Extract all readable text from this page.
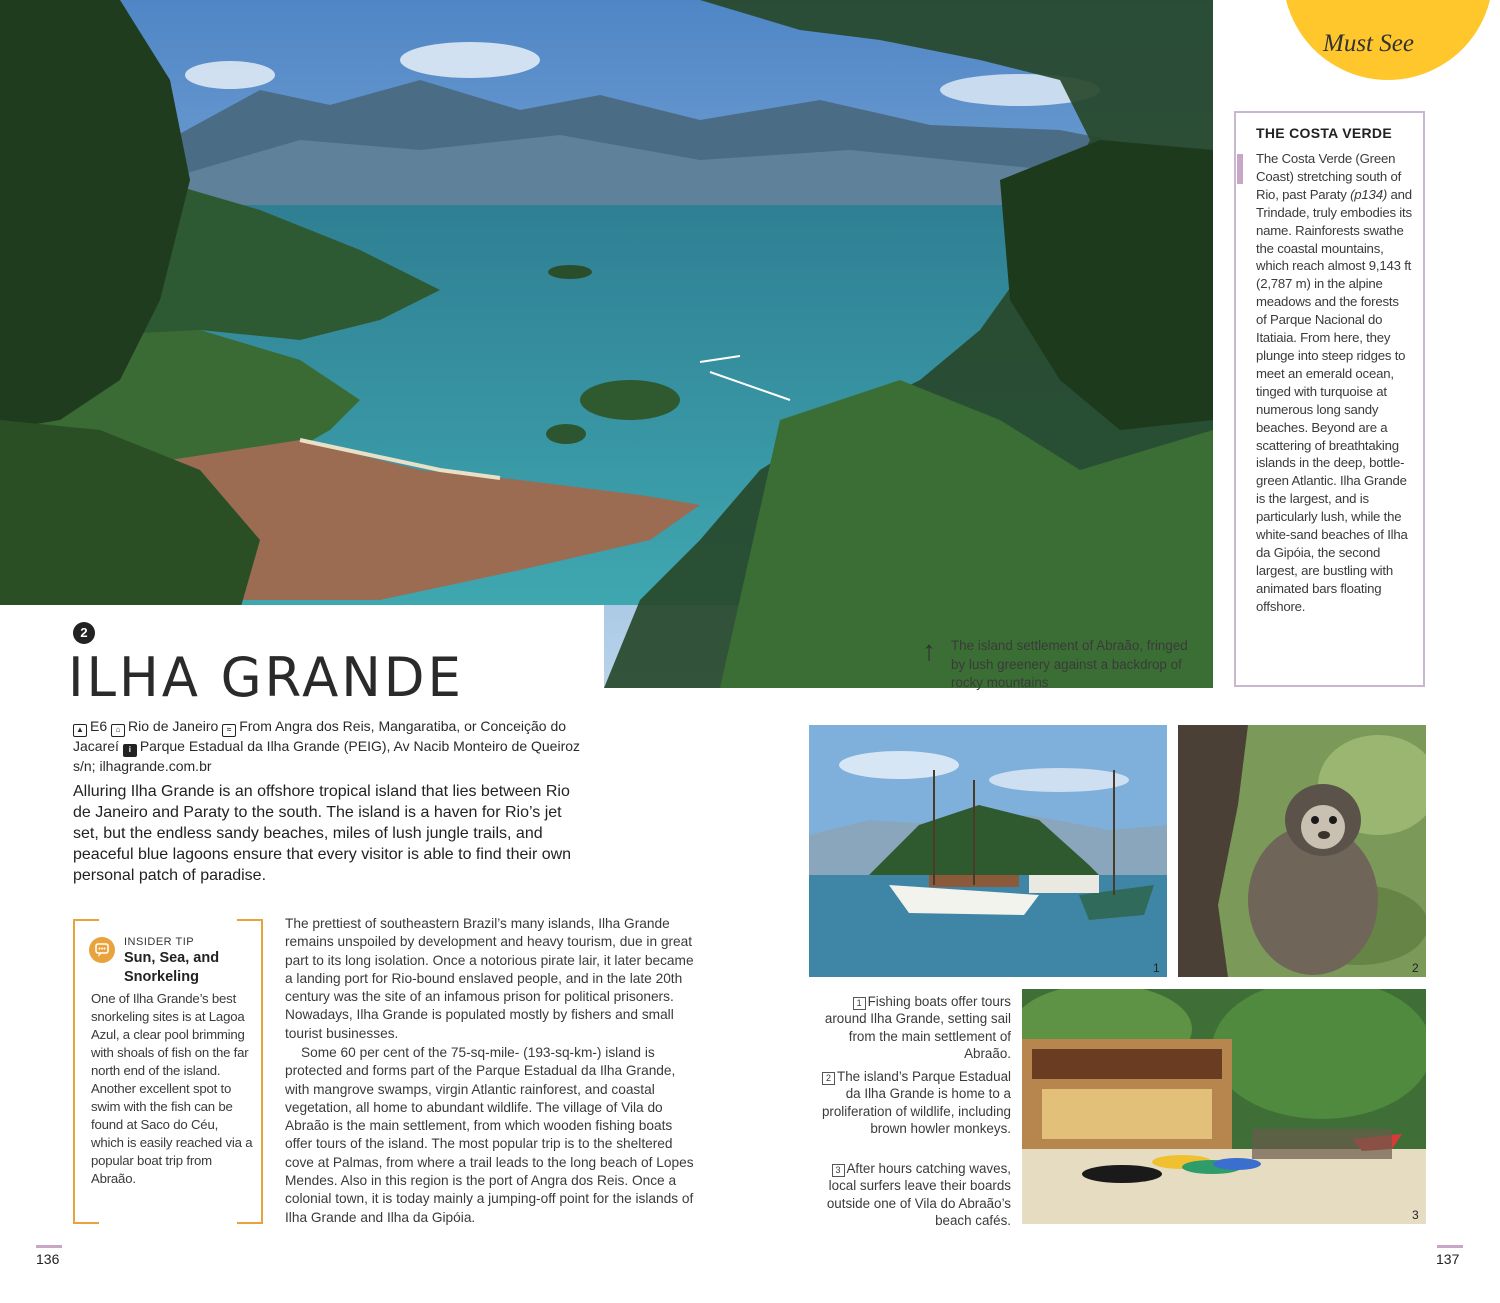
Must See
THE COSTA VERDE
The Costa Verde (Green Coast) stretching south of Rio, past Paraty (p134) and Trindade, truly embodies its name. Rainforests swathe the coastal mountains, which reach almost 9,143 ft (2,787 m) in the alpine meadows and the forests of Parque Nacional do Itatiaia. From here, they plunge into steep ridges to meet an emerald ocean, tinged with turquoise at numerous long sandy beaches. Beyond are a scattering of breathtaking islands in the deep, bottle-green Atlantic. Ilha Grande is the largest, and is particularly lush, while the white-sand beaches of Ilha da Gipóia, the second largest, are bustling with animated bars floating offshore.
↑ The island settlement of Abraão, fringed by lush greenery against a backdrop of rocky mountains
2
ILHA GRANDE
▲ E6 ⌂ Rio de Janeiro ≈ From Angra dos Reis, Mangaratiba, or Conceição do Jacareí i Parque Estadual da Ilha Grande (PEIG), Av Nacib Monteiro de Queiroz s/n; ilhagrande.com.br
Alluring Ilha Grande is an offshore tropical island that lies between Rio de Janeiro and Paraty to the south. The island is a haven for Rio’s jet set, but the endless sandy beaches, miles of lush jungle trails, and peaceful blue lagoons ensure that every visitor is able to find their own personal patch of paradise.
INSIDER TIP
Sun, Sea, and Snorkeling
One of Ilha Grande’s best snorkeling sites is at Lagoa Azul, a clear pool brimming with shoals of fish on the far north end of the island. Another excellent spot to swim with the fish can be found at Saco do Céu, which is easily reached via a popular boat trip from Abraão.
The prettiest of southeastern Brazil’s many islands, Ilha Grande remains unspoiled by development and heavy tourism, due in great part to its long isolation. Once a notorious pirate lair, it later became a landing port for Rio-bound enslaved people, and in the late 20th century was the site of an infamous prison for political prisoners. Nowadays, Ilha Grande is populated mostly by fishers and small tourist businesses.
Some 60 per cent of the 75-sq-mile- (193-sq-km-) island is protected and forms part of the Parque Estadual da Ilha Grande, with mangrove swamps, virgin Atlantic rainforest, and coastal vegetation, all home to abundant wildlife. The village of Vila do Abraão is the main settlement, from which wooden fishing boats offer tours of the island. The most popular trip is to the sheltered cove at Palmas, from where a trail leads to the long beach of Lopes Mendes. Also in this region is the port of Angra dos Reis. Once a colonial town, it is today mainly a jumping-off point for the islands of Ilha Grande and Ilha da Gipóia.
1	2
3
1 Fishing boats offer tours around Ilha Grande, setting sail from the main settlement of Abraão.
2 The island’s Parque Estadual da Ilha Grande is home to a proliferation of wildlife, including brown howler monkeys.
3 After hours catching waves, local surfers leave their boards outside one of Vila do Abraão’s beach cafés.
136	137
